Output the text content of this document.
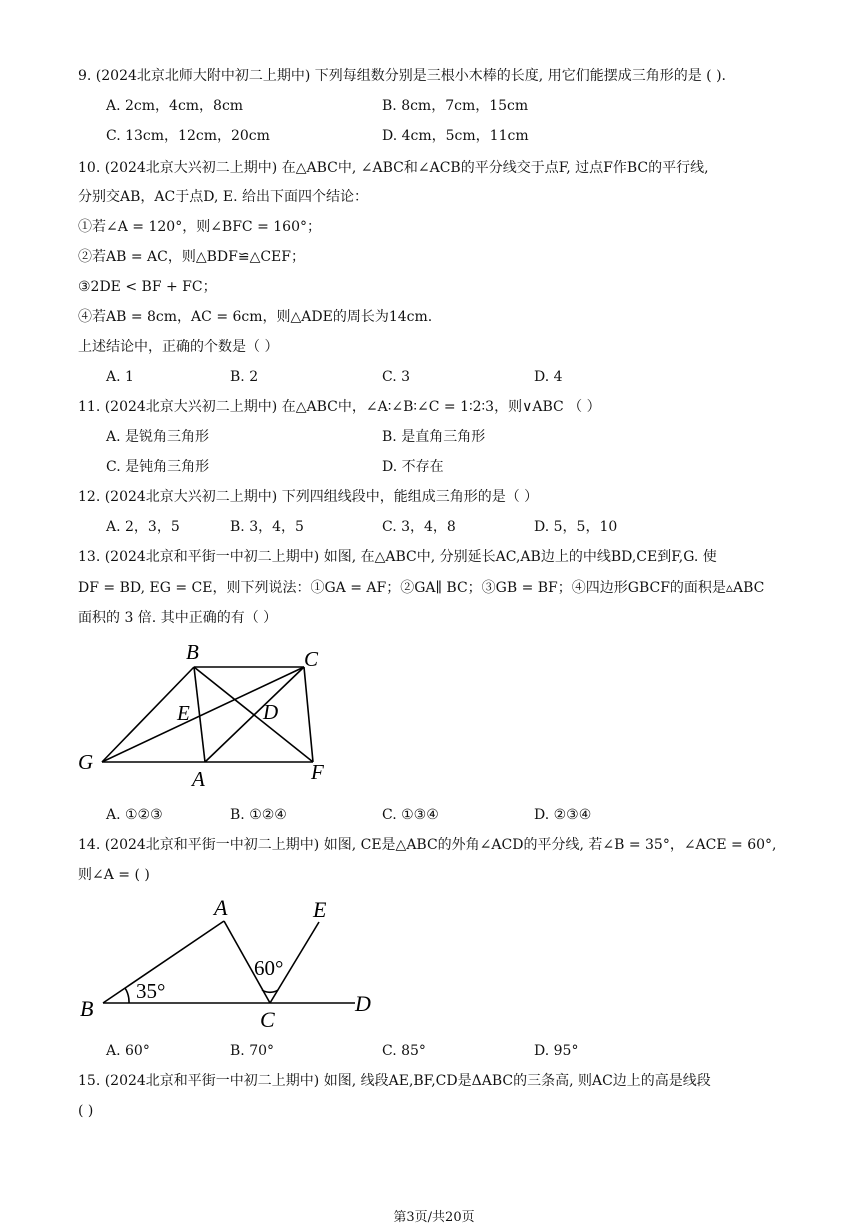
9. (2024北京北师大附中初二上期中) 下列每组数分别是三根小木棒的长度, 用它们能摆成三角形的是 ( ).
A. 2cm，4cm，8cm	B. 8cm，7cm，15cm
C. 13cm，12cm，20cm	D. 4cm，5cm，11cm
10. (2024北京大兴初二上期中) 在△ABC中, ∠ABC和∠ACB的平分线交于点F, 过点F作BC的平行线,
分别交AB，AC于点D, E. 给出下面四个结论：
①若∠A = 120°，则∠BFC = 160°；
②若AB = AC，则△BDF≌△CEF；
③2DE < BF + FC；
④若AB = 8cm，AC = 6cm，则△ADE的周长为14cm.
上述结论中，正确的个数是（ ）
A. 1	B. 2	C. 3	D. 4
11. (2024北京大兴初二上期中) 在△ABC中，∠A∶∠B∶∠C = 1∶2∶3，则∨ABC （ ）
A. 是锐角三角形	B. 是直角三角形
C. 是钝角三角形	D. 不存在
12. (2024北京大兴初二上期中) 下列四组线段中，能组成三角形的是（ ）
A. 2，3，5	B. 3，4，5	C. 3，4，8	D. 5，5，10
13. (2024北京和平街一中初二上期中) 如图, 在△ABC中, 分别延长AC,AB边上的中线BD,CE到F,G. 使
DF = BD, EG = CE，则下列说法：①GA = AF；②GA∥ BC；③GB = BF；④四边形GBCF的面积是▵ABC
面积的 3 倍. 其中正确的有（ ）
B	C
E	D
G
A	F
A. ①②③	B. ①②④	C. ①③④	D. ②③④
14. (2024北京和平街一中初二上期中) 如图, CE是△ABC的外角∠ACD的平分线, 若∠B = 35°，∠ACE = 60°,
则∠A = ( )
A	E
B	C
D
60°
35°
A. 60°	B. 70°	C. 85°	D. 95°
15. (2024北京和平街一中初二上期中) 如图, 线段AE,BF,CD是ΔABC的三条高, 则AC边上的高是线段
( )
第3页/共20页
